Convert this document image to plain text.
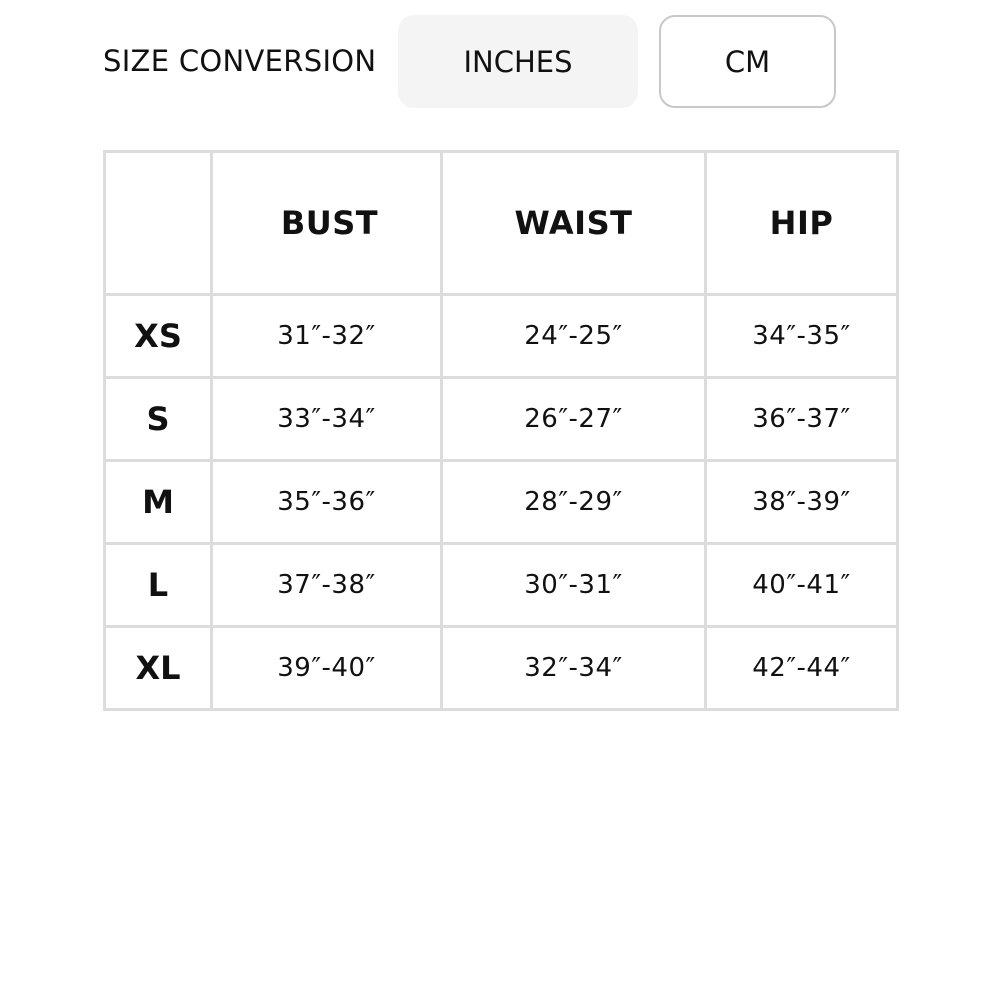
SIZE CONVERSION	INCHES	CM
	BUST	WAIST	HIP
XS	31″-32″	24″-25″	34″-35″
S	33″-34″	26″-27″	36″-37″
M	35″-36″	28″-29″	38″-39″
L	37″-38″	30″-31″	40″-41″
XL	39″-40″	32″-34″	42″-44″
